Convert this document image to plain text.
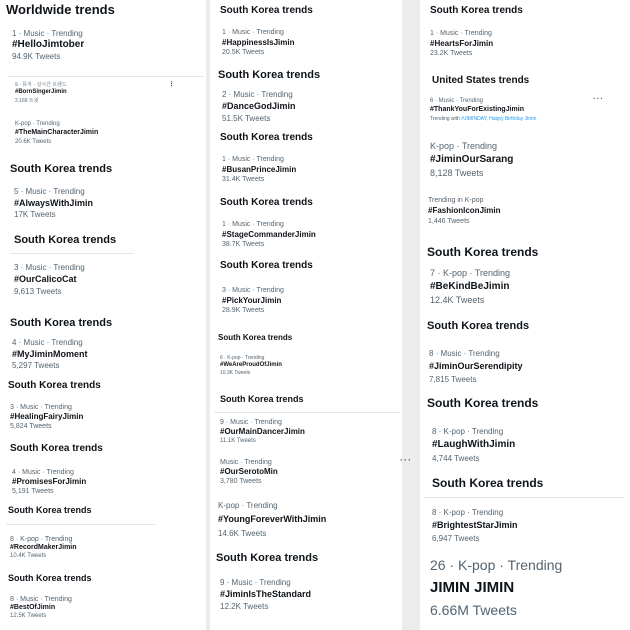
Worldwide trends
1 · Music · Trending
#HelloJimtober
94.9K Tweets
9 · 뮤직 · 실시간 트렌드
#BornSingerJimin
2,169 트윗
⋮
K-pop · Trending
#TheMainCharacterJimin
20.6K Tweets
South Korea trends
5 · Music · Trending
#AlwaysWithJimin
17K Tweets
South Korea trends
3 · Music · Trending
#OurCalicoCat
9,613 Tweets
South Korea trends
4 · Music · Trending
#MyJiminMoment
5,297 Tweets
South Korea trends
3 · Music · Trending
#HealingFairyJimin
5,824 Tweets
South Korea trends
4 · Music · Trending
#PromisesForJimin
5,191 Tweets
South Korea trends
8 · K-pop · Trending
#RecordMakerJimin
10.4K Tweets
South Korea trends
8 · Music · Trending
#BestOfJimin
12.5K Tweets
South Korea trends
1 · Music · Trending
#HappinessIsJimin
20.5K Tweets
South Korea trends
2 · Music · Trending
#DanceGodJimin
51.5K Tweets
South Korea trends
1 · Music · Trending
#BusanPrinceJimin
31.4K Tweets
South Korea trends
1 · Music · Trending
#StageCommanderJimin
38.7K Tweets
South Korea trends
3 · Music · Trending
#PickYourJimin
28.9K Tweets
South Korea trends
6 · K-pop · Trending
#WeAreProudOfJimin
10.3K Tweets
South Korea trends
9 · Music · Trending
#OurMainDancerJimin
11.1K Tweets
Music · Trending
#OurSerotoMin
3,780 Tweets
···
K-pop · Trending
#YoungForeverWithJimin
14.6K Tweets
South Korea trends
9 · Music · Trending
#JiminIsTheStandard
12.2K Tweets
South Korea trends
1 · Music · Trending
#HeartsForJimin
23.2K Tweets
United States trends
6 · Music · Trending
#ThankYouForExistingJimin
Trending with #JIMINDAY, Happy Birthday Jimin
···
K-pop · Trending
#JiminOurSarang
8,128 Tweets
Trending in K-pop
#FashionIconJimin
1,446 Tweets
South Korea trends
7 · K-pop · Trending
#BeKindBeJimin
12.4K Tweets
South Korea trends
8 · Music · Trending
#JiminOurSerendipity
7,815 Tweets
South Korea trends
8 · K-pop · Trending
#LaughWithJimin
4,744 Tweets
South Korea trends
8 · K-pop · Trending
#BrightestStarJimin
6,947 Tweets
26 · K-pop · Trending
JIMIN JIMIN
6.66M Tweets
